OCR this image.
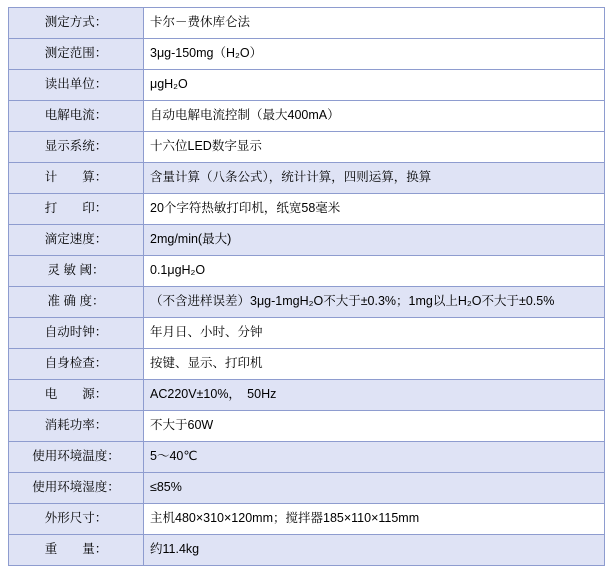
测定方式：	卡尔－费休库仑法
测定范围：	3μg-150mg（H₂O）
读出单位：	μgH₂O
电解电流：	自动电解电流控制（最大400mA）
显示系统：	十六位LED数字显示
计　　算：	含量计算（八条公式），统计计算，四则运算，换算
打　　印：	20个字符热敏打印机，纸宽58毫米
滴定速度：	2mg/min(最大)
灵 敏 阈：	0.1μgH₂O
准 确 度：	（不含进样误差）3μg-1mgH₂O不大于±0.3%；1mg以上H₂O不大于±0.5%
自动时钟：	年月日、小时、分钟
自身检查：	按键、显示、打印机
电　　源：	AC220V±10%，　50Hz
消耗功率：	不大于60W
使用环境温度：	5～40℃
使用环境湿度：	≤85%
外形尺寸：	主机480×310×120mm；搅拌器185×110×115mm
重　　量：	约11.4kg
